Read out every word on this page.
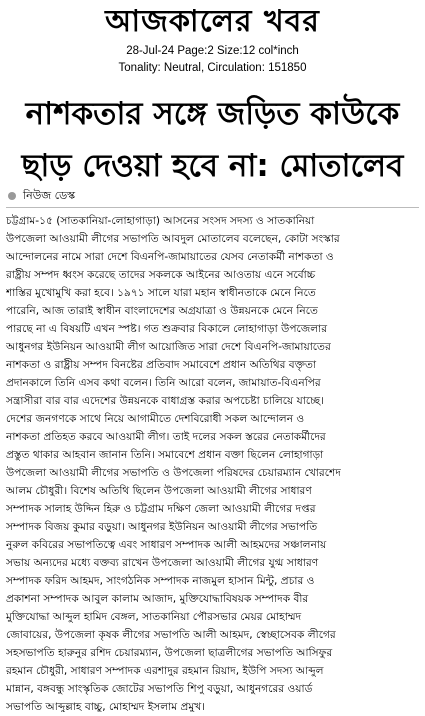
আজকালের খবর
28-Jul-24 Page:2 Size:12 col*inch
Tonality: Neutral, Circulation: 151850
নাশকতার সঙ্গে জড়িত কাউকে
ছাড় দেওয়া হবে না: মোতালেব
নিউজ ডেস্ক
চট্টগ্রাম-১৫ (সাতকানিয়া-লোহাগাড়া) আসনের সংসদ সদস্য ও সাতকানিয়া
উপজেলা আওয়ামী লীগের সভাপতি আবদুল মোতালেব বলেছেন, কোটা সংস্কার
আন্দোলনের নামে সারা দেশে বিএনপি-জামায়াতের যেসব নেতাকর্মী নাশকতা ও
রাষ্ট্রীয় সম্পদ ধ্বংস করেছে তাদের সকলকে আইনের আওতায় এনে সর্বোচ্চ
শাস্তির মুখোমুখি করা হবে। ১৯৭১ সালে যারা মহান স্বাধীনতাকে মেনে নিতে
পারেনি, আজ তারাই স্বাধীন বাংলাদেশের অগ্রযাত্রা ও উন্নয়নকে মেনে নিতে
পারছে না এ বিষয়টি এখন স্পষ্ট। গত শুক্রবার বিকালে লোহাগাড়া উপজেলার
আধুনগর ইউনিয়ন আওয়ামী লীগ আয়োজিত সারা দেশে বিএনপি-জামায়াতের
নাশকতা ও রাষ্ট্রীয় সম্পদ বিনষ্টের প্রতিবাদ সমাবেশে প্রধান অতিথির বক্তৃতা
প্রদানকালে তিনি এসব কথা বলেন। তিনি আরো বলেন, জামায়াত-বিএনপির
সন্ত্রাসীরা বার বার এদেশের উন্নয়নকে বাধাগ্রস্ত করার অপচেষ্টা চালিয়ে যাচ্ছে।
দেশের জনগণকে সাথে নিয়ে আগামীতে দেশবিরোধী সকল আন্দোলন ও
নাশকতা প্রতিহত করবে আওয়ামী লীগ। তাই দলের সকল স্তরের নেতাকর্মীদের
প্রস্তুত থাকার আহবান জানান তিনি। সমাবেশে প্রধান বক্তা ছিলেন লোহাগাড়া
উপজেলা আওয়ামী লীগের সভাপতি ও উপজেলা পরিষদের চেয়ারম্যান খোরশেদ
আলম চৌধুরী। বিশেষ অতিথি ছিলেন উপজেলা আওয়ামী লীগের সাধারণ
সম্পাদক সালাহ উদ্দিন হিরু ও চট্টগ্রাম দক্ষিণ জেলা আওয়ামী লীগের দপ্তর
সম্পাদক বিজয় কুমার বড়ুয়া। আধুনগর ইউনিয়ন আওয়ামী লীগের সভাপতি
নুরুল কবিরের সভাপতিত্বে এবং সাধারণ সম্পাদক আলী আহমদের সঞ্চালনায়
সভায় অন্যদের মধ্যে বক্তব্য রাখেন উপজেলা আওয়ামী লীগের যুগ্ম সাধারণ
সম্পাদক ফরিদ আহমদ, সাংগঠনিক সম্পাদক নাজমুল হাসান মিন্টু, প্রচার ও
প্রকাশনা সম্পাদক আবুল কালাম আজাদ, মুক্তিযোদ্ধাবিষয়ক সম্পাদক বীর
মুক্তিযোদ্ধা আব্দুল হামিদ বেঙ্গল, সাতকানিয়া পৌরসভার মেয়র মোহাম্মদ
জোবায়ের, উপজেলা কৃষক লীগের সভাপতি আলী আহমদ, স্বেচ্ছাসেবক লীগের
সহসভাপতি হারুনুর রশিদ চেয়ারম্যান, উপজেলা ছাত্রলীগের সভাপতি আসিফুর
রহমান চৌধুরী, সাধারণ সম্পাদক এরশাদুর রহমান রিয়াদ, ইউপি সদস্য আব্দুল
মান্নান, বঙ্গবন্ধু সাংস্কৃতিক জোটের সভাপতি শিপু বড়ুয়া, আধুনগরের ওয়ার্ড
সভাপতি আব্দুল্লাহ বাচ্চু, মোহাম্মদ ইসলাম প্রমুখ।
